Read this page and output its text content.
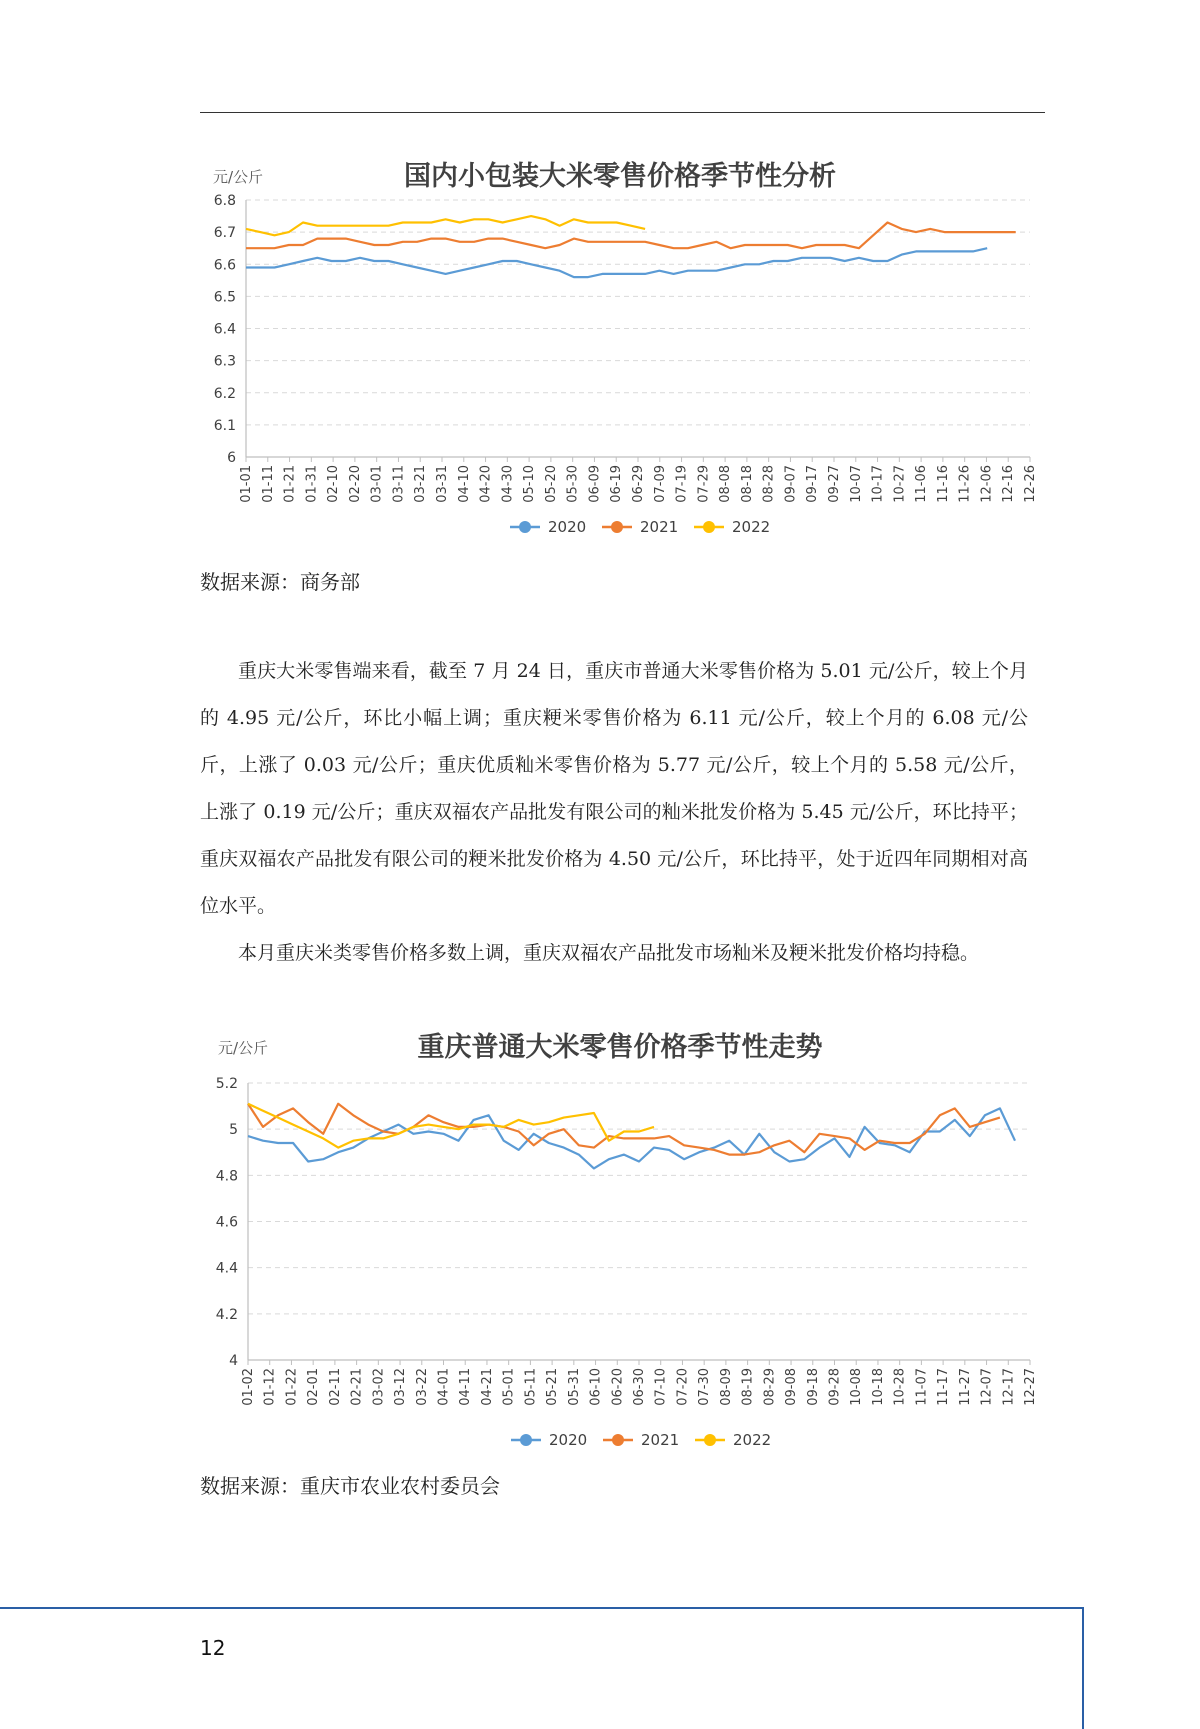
国内小包装大米零售价格季节性分析
元/公斤
6
6.1
6.2
6.3
6.4
6.5
6.6
6.7
6.8
01-01 01-11 01-21 01-31 02-10 02-20 03-01 03-11 03-21 03-31 04-10 04-20 04-30 05-10 05-20 05-30 06-09 06-19 06-29 07-09 07-19 07-29 08-08 08-18 08-28 09-07 09-17 09-27 10-07 10-17 10-27 11-06 11-16 11-26 12-06 12-16 12-26
2020	2021	2022
数据来源：商务部

重庆大米零售端来看，截至 7 月 24 日，重庆市普通大米零售价格为 5.01 元/公斤，较上个月的 4.95 元/公斤，环比小幅上调；重庆粳米零售价格为 6.11 元/公斤，较上个月的 6.08 元/公斤，上涨了 0.03 元/公斤；重庆优质籼米零售价格为 5.77 元/公斤，较上个月的 5.58 元/公斤，上涨了 0.19 元/公斤；重庆双福农产品批发有限公司的籼米批发价格为 5.45 元/公斤，环比持平；重庆双福农产品批发有限公司的粳米批发价格为 4.50 元/公斤，环比持平，处于近四年同期相对高位水平。

本月重庆米类零售价格多数上调，重庆双福农产品批发市场籼米及粳米批发价格均持稳。

重庆普通大米零售价格季节性走势
元/公斤
4
4.2
4.4
4.6
4.8
5
5.2
01-02 01-12 01-22 02-01 02-11 02-21 03-02 03-12 03-22 04-01 04-11 04-21 05-01 05-11 05-21 05-31 06-10 06-20 06-30 07-10 07-20 07-30 08-09 08-19 08-29 09-08 09-18 09-28 10-08 10-18 10-28 11-07 11-17 11-27 12-07 12-17 12-27
2020	2021	2022
数据来源：重庆市农业农村委员会
12
